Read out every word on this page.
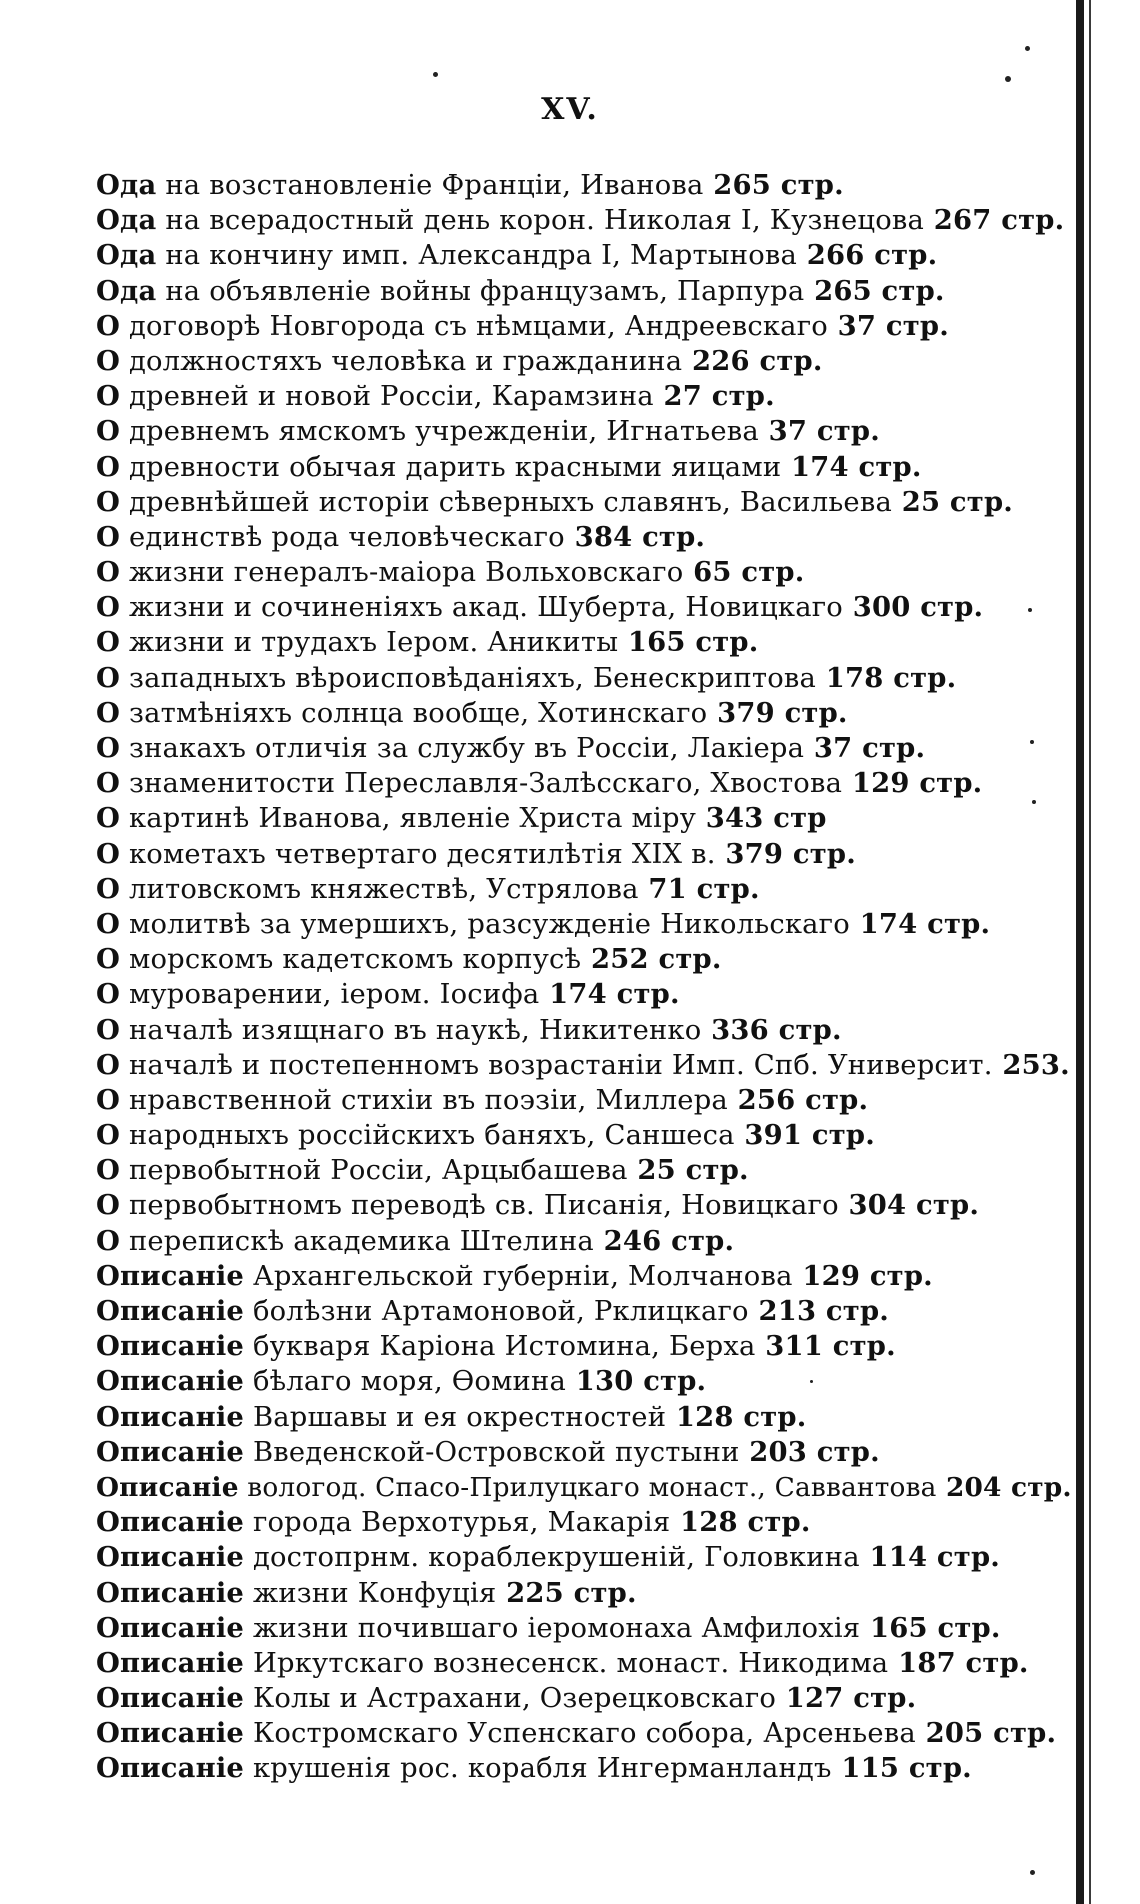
XV.
Ода на возстановленіе Франціи, Иванова 265 стр.
Ода на всерадостный день корон. Николая I, Кузнецова 267 стр.
Ода на кончину имп. Александра I, Мартынова 266 стр.
Ода на объявленіе войны французамъ, Парпура 265 стр.
О договорѣ Новгорода съ нѣмцами, Андреевскаго 37 стр.
О должностяхъ человѣка и гражданина 226 стр.
О древней и новой Россіи, Карамзина 27 стр.
О древнемъ ямскомъ учрежденіи, Игнатьева 37 стр.
О древности обычая дарить красными яицами 174 стр.
О древнѣйшей исторіи сѣверныхъ славянъ, Васильева 25 стр.
О единствѣ рода человѣческаго 384 стр.
О жизни генералъ-маіора Вольховскаго 65 стр.
О жизни и сочиненіяхъ акад. Шуберта, Новицкаго 300 стр.
О жизни и трудахъ Іером. Аникиты 165 стр.
О западныхъ вѣроисповѣданіяхъ, Бенескриптова 178 стр.
О затмѣніяхъ солнца вообще, Хотинскаго 379 стр.
О знакахъ отличія за службу въ Россіи, Лакіера 37 стр.
О знаменитости Переславля-Залѣсскаго, Хвостова 129 стр.
О картинѣ Иванова, явленіе Христа міру 343 стр
О кометахъ четвертаго десятилѣтія XIX в. 379 стр.
О литовскомъ княжествѣ, Устрялова 71 стр.
О молитвѣ за умершихъ, разсужденіе Никольскаго 174 стр.
О морскомъ кадетскомъ корпусѣ 252 стр.
О муроварении, іером. Іосифа 174 стр.
О началѣ изящнаго въ наукѣ, Никитенко 336 стр.
О началѣ и постепенномъ возрастаніи Имп. Спб. Университ. 253.
О нравственной стихіи въ поэзіи, Миллера 256 стр.
О народныхъ россійскихъ баняхъ, Саншеса 391 стр.
О первобытной Россіи, Арцыбашева 25 стр.
О первобытномъ переводѣ св. Писанія, Новицкаго 304 стр.
О перепискѣ академика Штелина 246 стр.
Описаніе Архангельской губерніи, Молчанова 129 стр.
Описаніе болѣзни Артамоновой, Рклицкаго 213 стр.
Описаніе букваря Каріона Истомина, Берха 311 стр.
Описаніе бѣлаго моря, Ѳомина 130 стр.
Описаніе Варшавы и ея окрестностей 128 стр.
Описаніе Введенской-Островской пустыни 203 стр.
Описаніе вологод. Спасо-Прилуцкаго монаст., Саввантова 204 стр.
Описаніе города Верхотурья, Макарія 128 стр.
Описаніе достопрнм. кораблекрушеній, Головкина 114 стр.
Описаніе жизни Конфуція 225 стр.
Описаніе жизни почившаго іеромонаха Амфилохія 165 стр.
Описаніе Иркутскаго вознесенск. монаст. Никодима 187 стр.
Описаніе Колы и Астрахани, Озерецковскаго 127 стр.
Описаніе Костромскаго Успенскаго собора, Арсеньева 205 стр.
Описаніе крушенія рос. корабля Ингерманландъ 115 стр.
